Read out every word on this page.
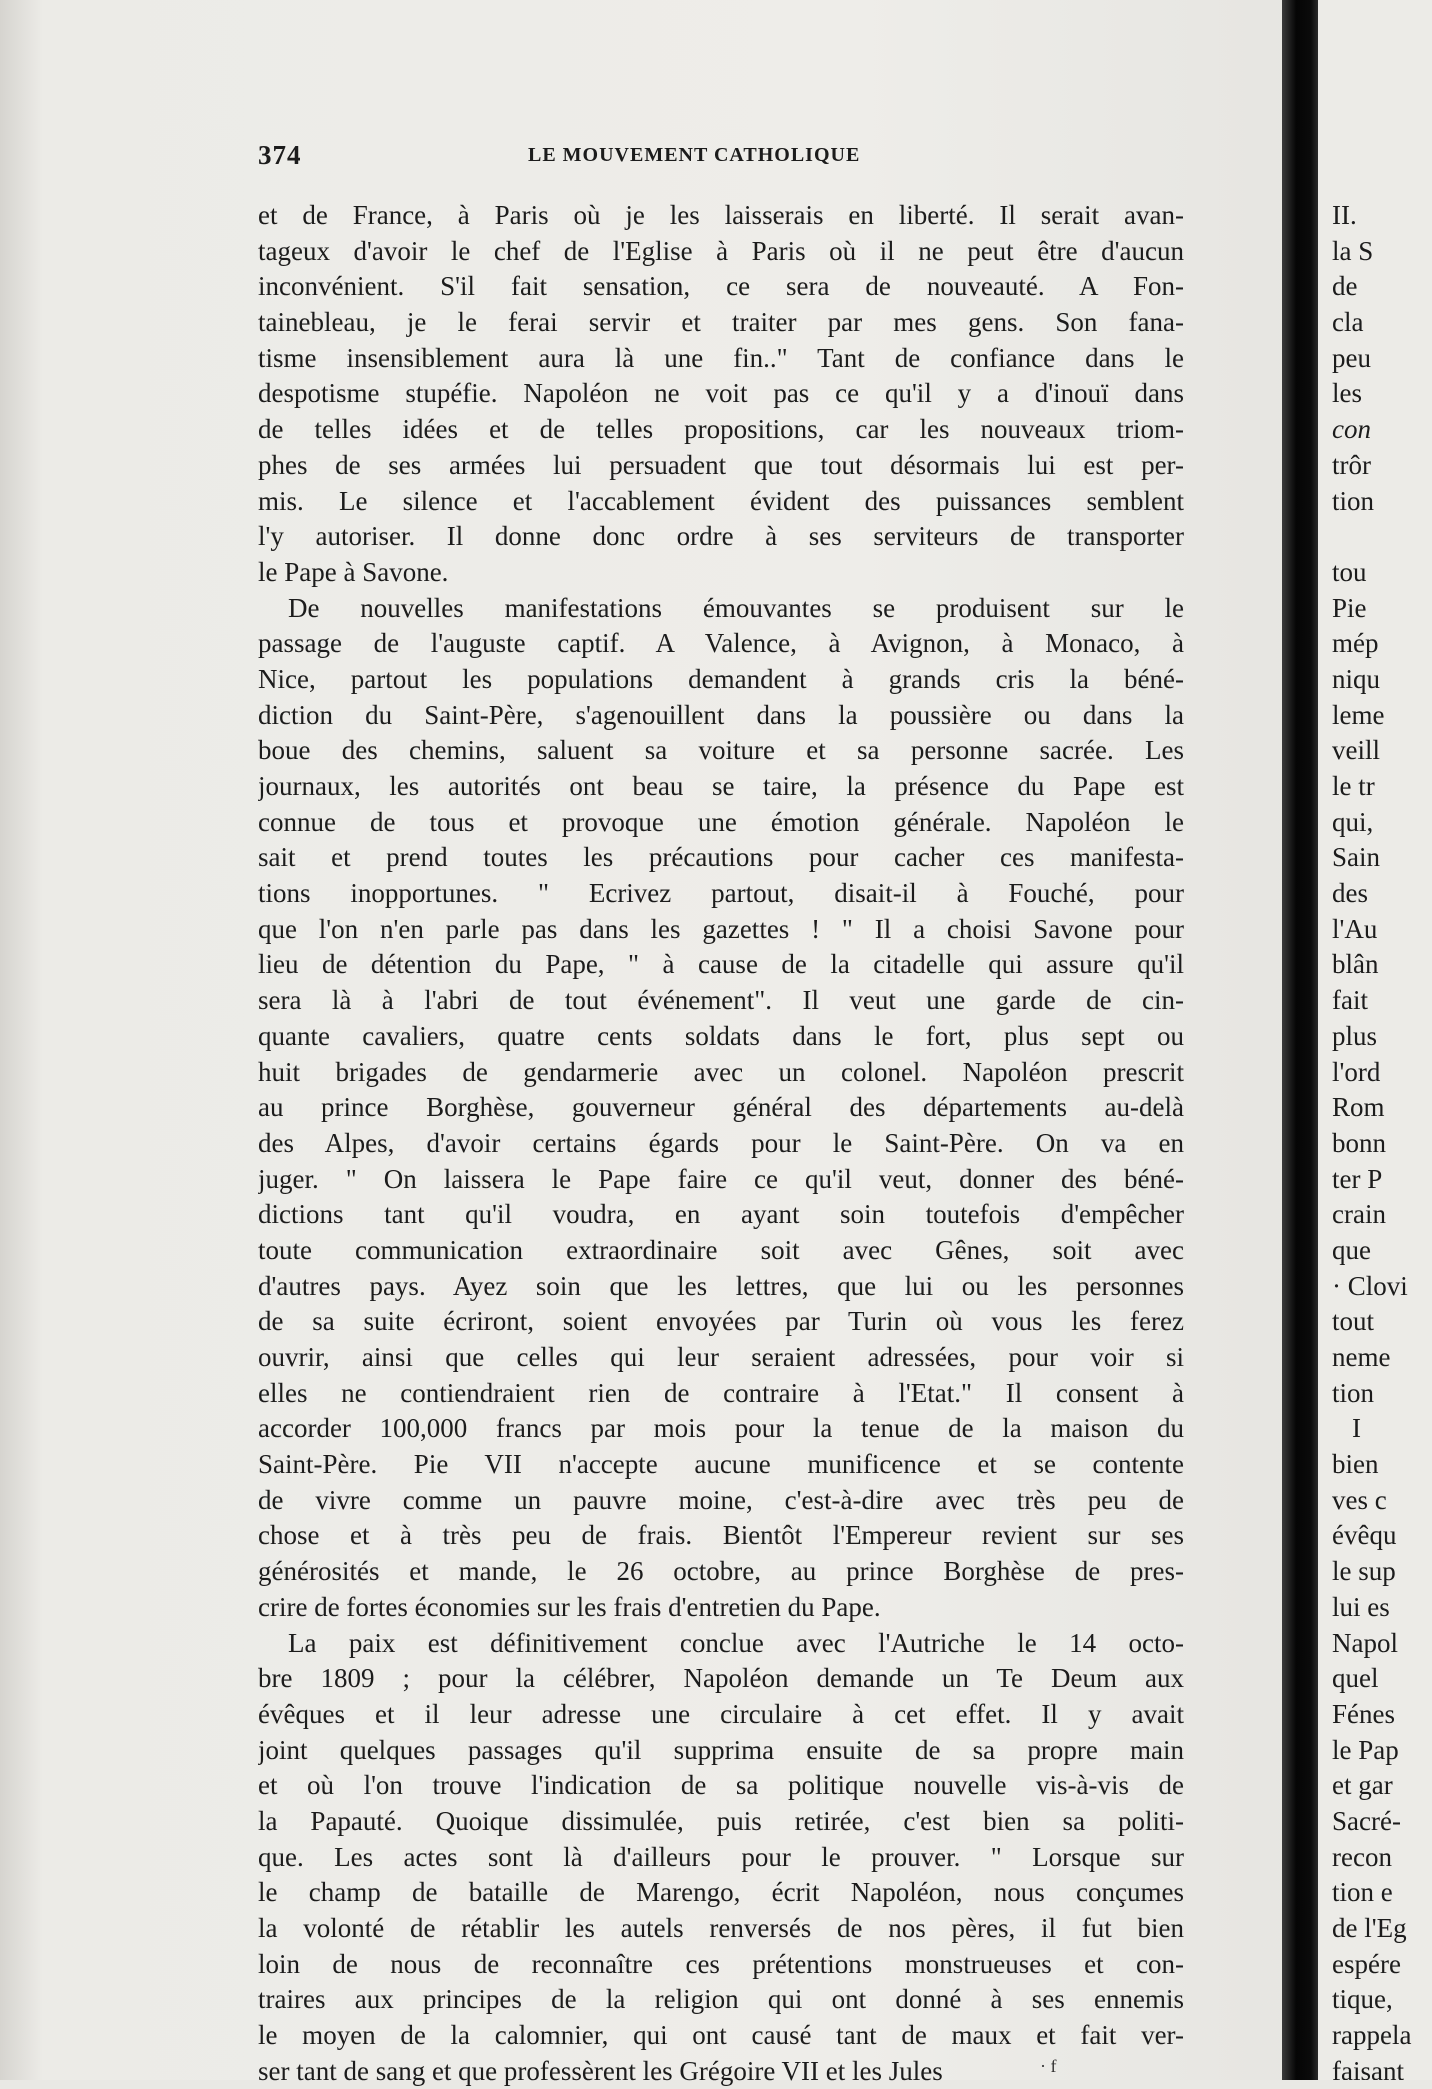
374	LE MOUVEMENT CATHOLIQUE
et de France, à Paris où je les laisserais en liberté. Il serait avan-
tageux d'avoir le chef de l'Eglise à Paris où il ne peut être d'aucun
inconvénient. S'il fait sensation, ce sera de nouveauté. A Fon-
tainebleau, je le ferai servir et traiter par mes gens. Son fana-
tisme insensiblement aura là une fin.." Tant de confiance dans le
despotisme stupéfie. Napoléon ne voit pas ce qu'il y a d'inouï dans
de telles idées et de telles propositions, car les nouveaux triom-
phes de ses armées lui persuadent que tout désormais lui est per-
mis. Le silence et l'accablement évident des puissances semblent
l'y autoriser. Il donne donc ordre à ses serviteurs de transporter
le Pape à Savone.
De nouvelles manifestations émouvantes se produisent sur le
passage de l'auguste captif. A Valence, à Avignon, à Monaco, à
Nice, partout les populations demandent à grands cris la béné-
diction du Saint-Père, s'agenouillent dans la poussière ou dans la
boue des chemins, saluent sa voiture et sa personne sacrée. Les
journaux, les autorités ont beau se taire, la présence du Pape est
connue de tous et provoque une émotion générale. Napoléon le
sait et prend toutes les précautions pour cacher ces manifesta-
tions inopportunes. " Ecrivez partout, disait-il à Fouché, pour
que l'on n'en parle pas dans les gazettes ! " Il a choisi Savone pour
lieu de détention du Pape, " à cause de la citadelle qui assure qu'il
sera là à l'abri de tout événement". Il veut une garde de cin-
quante cavaliers, quatre cents soldats dans le fort, plus sept ou
huit brigades de gendarmerie avec un colonel. Napoléon prescrit
au prince Borghèse, gouverneur général des départements au-delà
des Alpes, d'avoir certains égards pour le Saint-Père. On va en
juger. " On laissera le Pape faire ce qu'il veut, donner des béné-
dictions tant qu'il voudra, en ayant soin toutefois d'empêcher
toute communication extraordinaire soit avec Gênes, soit avec
d'autres pays. Ayez soin que les lettres, que lui ou les personnes
de sa suite écriront, soient envoyées par Turin où vous les ferez
ouvrir, ainsi que celles qui leur seraient adressées, pour voir si
elles ne contiendraient rien de contraire à l'Etat." Il consent à
accorder 100,000 francs par mois pour la tenue de la maison du
Saint-Père. Pie VII n'accepte aucune munificence et se contente
de vivre comme un pauvre moine, c'est-à-dire avec très peu de
chose et à très peu de frais. Bientôt l'Empereur revient sur ses
générosités et mande, le 26 octobre, au prince Borghèse de pres-
crire de fortes économies sur les frais d'entretien du Pape.
La paix est définitivement conclue avec l'Autriche le 14 octo-
bre 1809 ; pour la célébrer, Napoléon demande un Te Deum aux
évêques et il leur adresse une circulaire à cet effet. Il y avait
joint quelques passages qu'il supprima ensuite de sa propre main
et où l'on trouve l'indication de sa politique nouvelle vis-à-vis de
la Papauté. Quoique dissimulée, puis retirée, c'est bien sa politi-
que. Les actes sont là d'ailleurs pour le prouver. " Lorsque sur
le champ de bataille de Marengo, écrit Napoléon, nous conçumes
la volonté de rétablir les autels renversés de nos pères, il fut bien
loin de nous de reconnaître ces prétentions monstrueuses et con-
traires aux principes de la religion qui ont donné à ses ennemis
le moyen de la calomnier, qui ont causé tant de maux et fait ver-
ser tant de sang et que professèrent les Grégoire VII et les Jules
II.
la S
de
cla
peu
les
con
trôr
tion
tou
Pie
mép
niqu
leme
veill
le tr
qui,
Sain
des
l'Au
blân
fait
plus
l'ord
Rom
bonn
ter P
crain
que
· Clovi
tout
neme
tion
I
bien
ves c
évêqu
le sup
lui es
Napol
quel
Fénes
le Pap
et gar
Sacré-
recon
tion e
de l'Eg
espére
tique,
rappela
faisant
· f
